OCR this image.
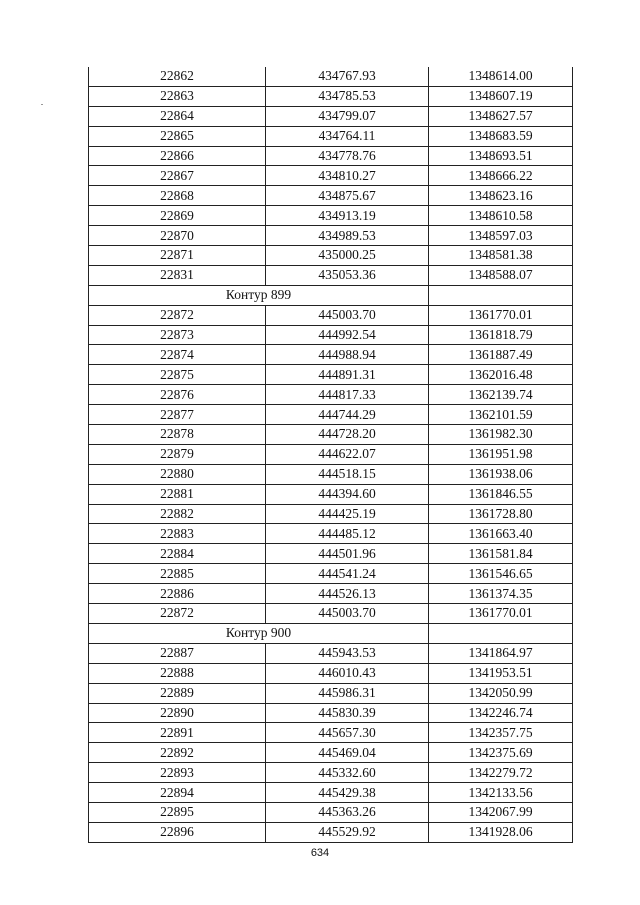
22862	434767.93	1348614.00
22863	434785.53	1348607.19
22864	434799.07	1348627.57
22865	434764.11	1348683.59
22866	434778.76	1348693.51
22867	434810.27	1348666.22
22868	434875.67	1348623.16
22869	434913.19	1348610.58
22870	434989.53	1348597.03
22871	435000.25	1348581.38
22831	435053.36	1348588.07
Контур 899		
22872	445003.70	1361770.01
22873	444992.54	1361818.79
22874	444988.94	1361887.49
22875	444891.31	1362016.48
22876	444817.33	1362139.74
22877	444744.29	1362101.59
22878	444728.20	1361982.30
22879	444622.07	1361951.98
22880	444518.15	1361938.06
22881	444394.60	1361846.55
22882	444425.19	1361728.80
22883	444485.12	1361663.40
22884	444501.96	1361581.84
22885	444541.24	1361546.65
22886	444526.13	1361374.35
22872	445003.70	1361770.01
Контур 900		
22887	445943.53	1341864.97
22888	446010.43	1341953.51
22889	445986.31	1342050.99
22890	445830.39	1342246.74
22891	445657.30	1342357.75
22892	445469.04	1342375.69
22893	445332.60	1342279.72
22894	445429.38	1342133.56
22895	445363.26	1342067.99
22896	445529.92	1341928.06
634
